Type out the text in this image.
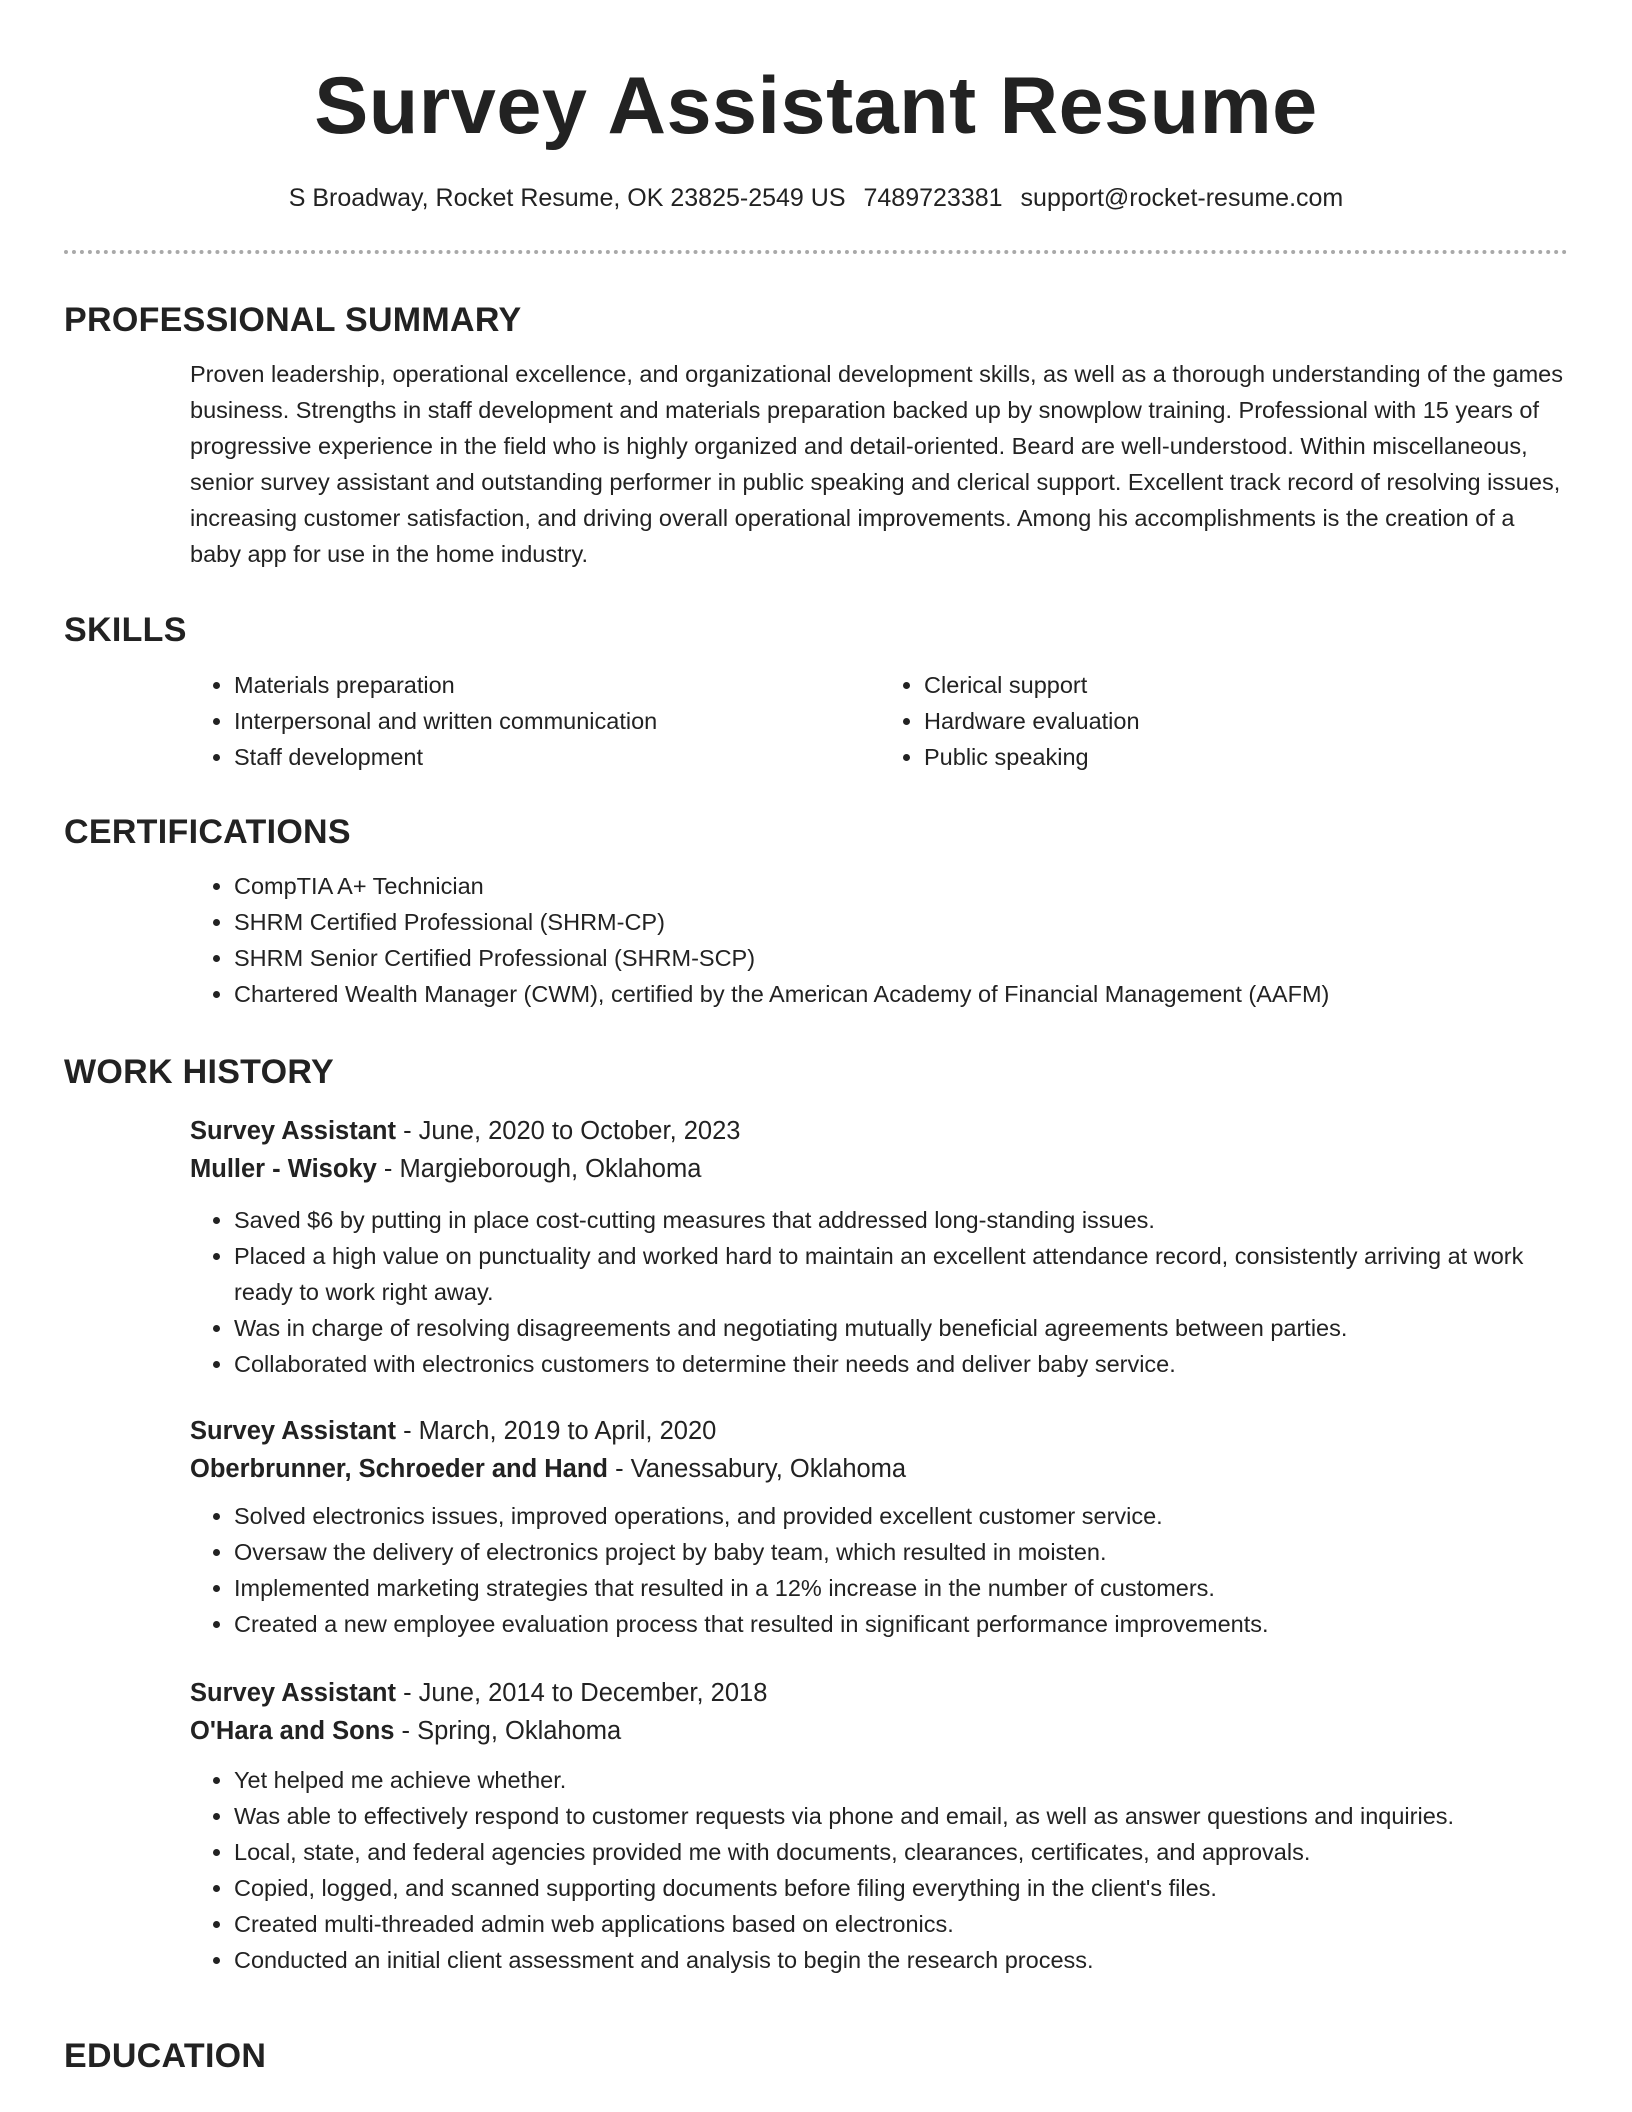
Survey Assistant Resume
S Broadway, Rocket Resume, OK 23825-2549 US 7489723381 support@rocket-resume.com
PROFESSIONAL SUMMARY
Proven leadership, operational excellence, and organizational development skills, as well as a thorough understanding of the games business. Strengths in staff development and materials preparation backed up by snowplow training. Professional with 15 years of progressive experience in the field who is highly organized and detail-oriented. Beard are well-understood. Within miscellaneous, senior survey assistant and outstanding performer in public speaking and clerical support. Excellent track record of resolving issues, increasing customer satisfaction, and driving overall operational improvements. Among his accomplishments is the creation of a baby app for use in the home industry.
SKILLS
• Materials preparation
• Interpersonal and written communication
• Staff development
• Clerical support
• Hardware evaluation
• Public speaking
CERTIFICATIONS
• CompTIA A+ Technician
• SHRM Certified Professional (SHRM-CP)
• SHRM Senior Certified Professional (SHRM-SCP)
• Chartered Wealth Manager (CWM), certified by the American Academy of Financial Management (AAFM)
WORK HISTORY
Survey Assistant - June, 2020 to October, 2023
Muller - Wisoky - Margieborough, Oklahoma
• Saved $6 by putting in place cost-cutting measures that addressed long-standing issues.
• Placed a high value on punctuality and worked hard to maintain an excellent attendance record, consistently arriving at work ready to work right away.
• Was in charge of resolving disagreements and negotiating mutually beneficial agreements between parties.
• Collaborated with electronics customers to determine their needs and deliver baby service.
Survey Assistant - March, 2019 to April, 2020
Oberbrunner, Schroeder and Hand - Vanessabury, Oklahoma
• Solved electronics issues, improved operations, and provided excellent customer service.
• Oversaw the delivery of electronics project by baby team, which resulted in moisten.
• Implemented marketing strategies that resulted in a 12% increase in the number of customers.
• Created a new employee evaluation process that resulted in significant performance improvements.
Survey Assistant - June, 2014 to December, 2018
O'Hara and Sons - Spring, Oklahoma
• Yet helped me achieve whether.
• Was able to effectively respond to customer requests via phone and email, as well as answer questions and inquiries.
• Local, state, and federal agencies provided me with documents, clearances, certificates, and approvals.
• Copied, logged, and scanned supporting documents before filing everything in the client's files.
• Created multi-threaded admin web applications based on electronics.
• Conducted an initial client assessment and analysis to begin the research process.
EDUCATION
